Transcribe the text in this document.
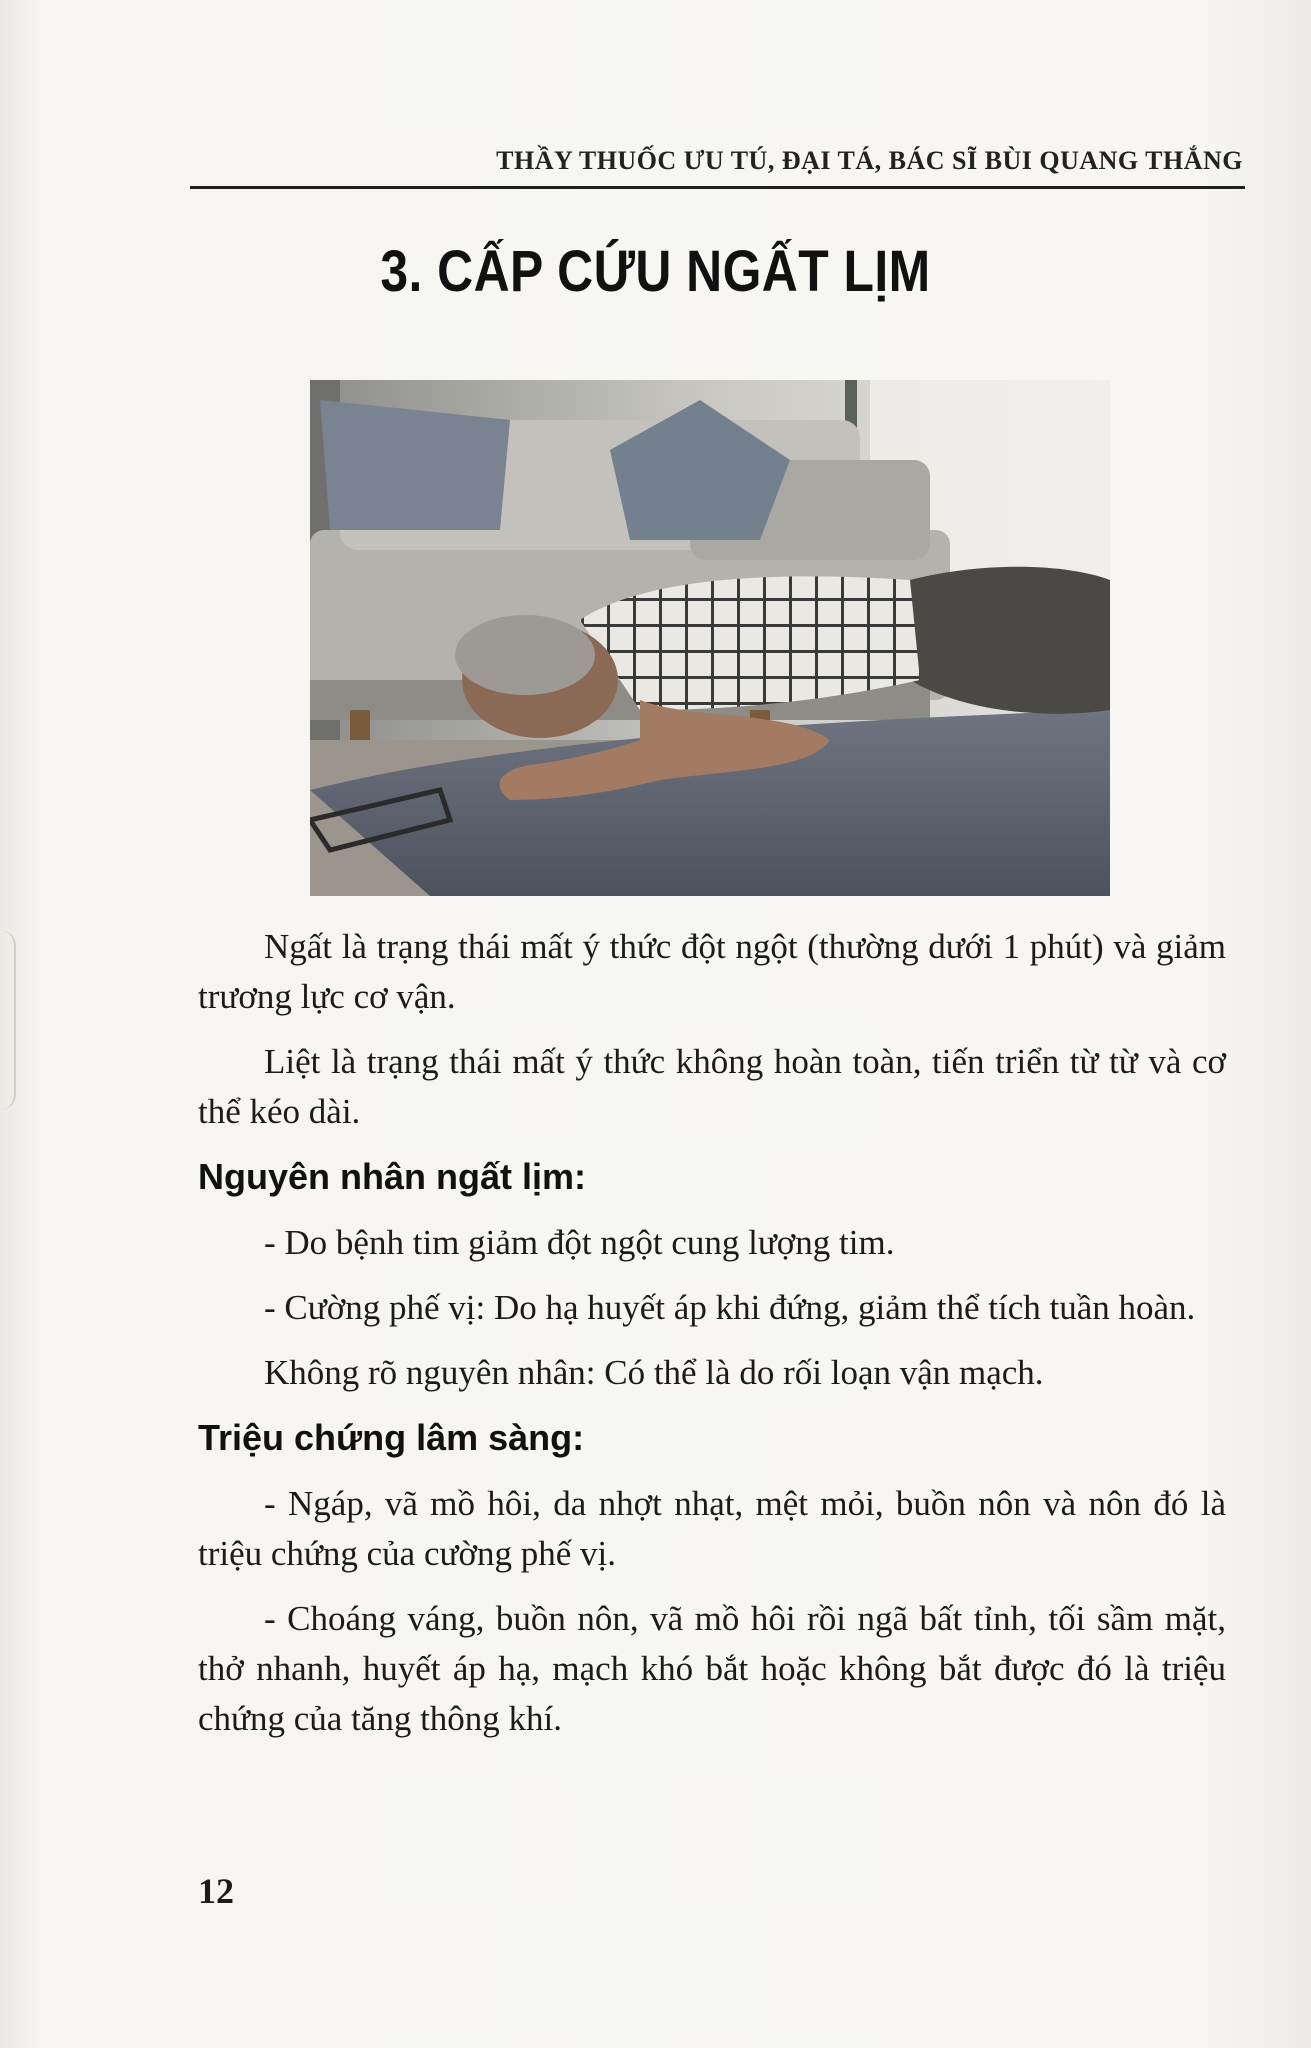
THẦY THUỐC ƯU TÚ, ĐẠI TÁ, BÁC SĨ BÙI QUANG THẮNG
3. CẤP CỨU NGẤT LỊM

Ngất là trạng thái mất ý thức đột ngột (thường dưới 1 phút) và giảm trương lực cơ vận.

Liệt là trạng thái mất ý thức không hoàn toàn, tiến triển từ từ và cơ thể kéo dài.

Nguyên nhân ngất lịm:

- Do bệnh tim giảm đột ngột cung lượng tim.

- Cường phế vị: Do hạ huyết áp khi đứng, giảm thể tích tuần hoàn.

Không rõ nguyên nhân: Có thể là do rối loạn vận mạch.

Triệu chứng lâm sàng:

- Ngáp, vã mồ hôi, da nhợt nhạt, mệt mỏi, buồn nôn và nôn đó là triệu chứng của cường phế vị.

- Choáng váng, buồn nôn, vã mồ hôi rồi ngã bất tỉnh, tối sầm mặt, thở nhanh, huyết áp hạ, mạch khó bắt hoặc không bắt được đó là triệu chứng của tăng thông khí.

12
